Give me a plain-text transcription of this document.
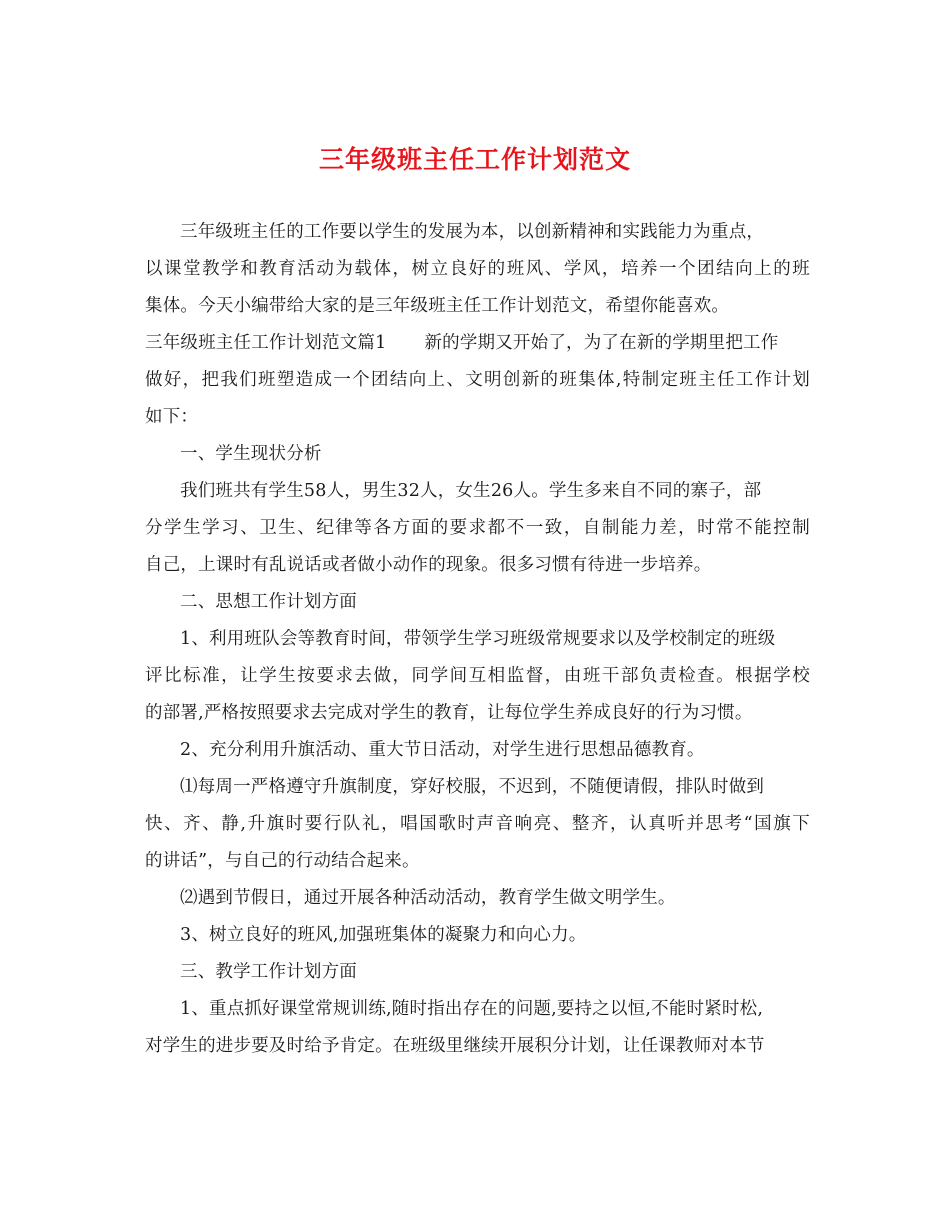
三年级班主任工作计划范文
三年级班主任的工作要以学生的发展为本，以创新精神和实践能力为重点，
以课堂教学和教育活动为载体，树立良好的班风、学风，培养一个团结向上的班
集体。今天小编带给大家的是三年级班主任工作计划范文，希望你能喜欢。
三年级班主任工作计划范文篇1 新的学期又开始了，为了在新的学期里把工作
做好，把我们班塑造成一个团结向上、文明创新的班集体,特制定班主任工作计划
如下：
一、学生现状分析
我们班共有学生58人，男生32人，女生26人。学生多来自不同的寨子，部
分学生学习、卫生、纪律等各方面的要求都不一致，自制能力差，时常不能控制
自己，上课时有乱说话或者做小动作的现象。很多习惯有待进一步培养。
二、思想工作计划方面
1、利用班队会等教育时间，带领学生学习班级常规要求以及学校制定的班级
评比标准，让学生按要求去做，同学间互相监督，由班干部负责检查。根据学校
的部署,严格按照要求去完成对学生的教育，让每位学生养成良好的行为习惯。
2、充分利用升旗活动、重大节日活动，对学生进行思想品德教育。
⑴每周一严格遵守升旗制度，穿好校服，不迟到，不随便请假，排队时做到
快、齐、静,升旗时要行队礼，唱国歌时声音响亮、整齐，认真听并思考“国旗下
的讲话”，与自己的行动结合起来。
⑵遇到节假日，通过开展各种活动活动，教育学生做文明学生。
3、树立良好的班风,加强班集体的凝聚力和向心力。
三、教学工作计划方面
1、重点抓好课堂常规训练,随时指出存在的问题,要持之以恒,不能时紧时松,
对学生的进步要及时给予肯定。在班级里继续开展积分计划，让任课教师对本节
